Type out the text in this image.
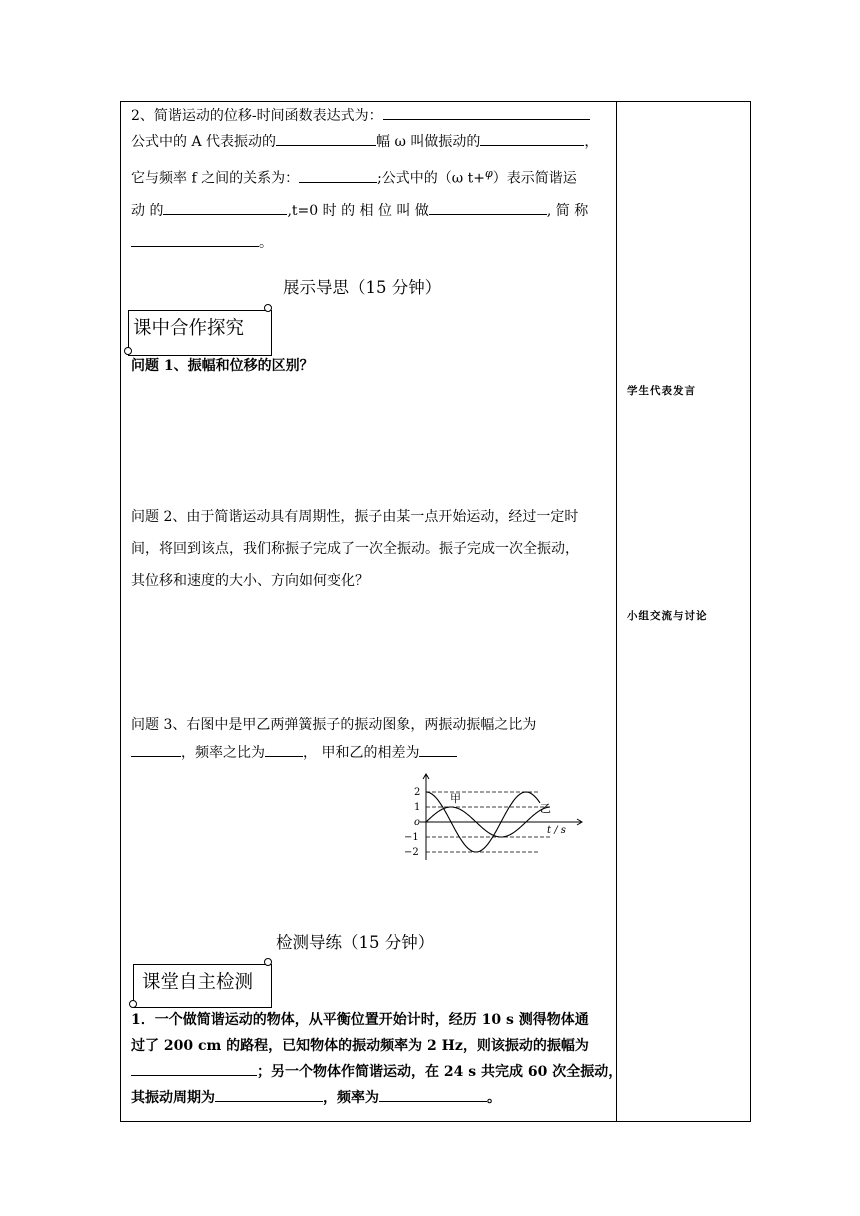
2、简谐运动的位移-时间函数表达式为：
公式中的 A 代表振动的	幅 ω 叫做振动的	，
它与频率 f 之间的关系为：	;公式中的（ω t+$^\varphi$）表示简谐运
动 的	,t=0 时 的 相 位 叫 做	, 简 称
。
展示导思（15 分钟）
课中合作探究
问题 1、振幅和位移的区别？
问题 2、由于简谐运动具有周期性，振子由某一点开始运动，经过一定时
间，将回到该点，我们称振子完成了一次全振动。振子完成一次全振动，
其位移和速度的大小、方向如何变化？
问题 3、右图中是甲乙两弹簧振子的振动图象，两振动振幅之比为
，频率之比为	， 甲和乙的相差为
2
1
o
−1
−2
甲
乙
t / s
检测导练（15 分钟）
课堂自主检测
1．一个做简谐运动的物体，从平衡位置开始计时，经历 10 s 测得物体通
过了 200 cm 的路程，已知物体的振动频率为 2 Hz，则该振动的振幅为
；另一个物体作简谐运动，在 24 s 共完成 60 次全振动，
其振动周期为	，频率为	。
学生代表发言
小组交流与讨论
